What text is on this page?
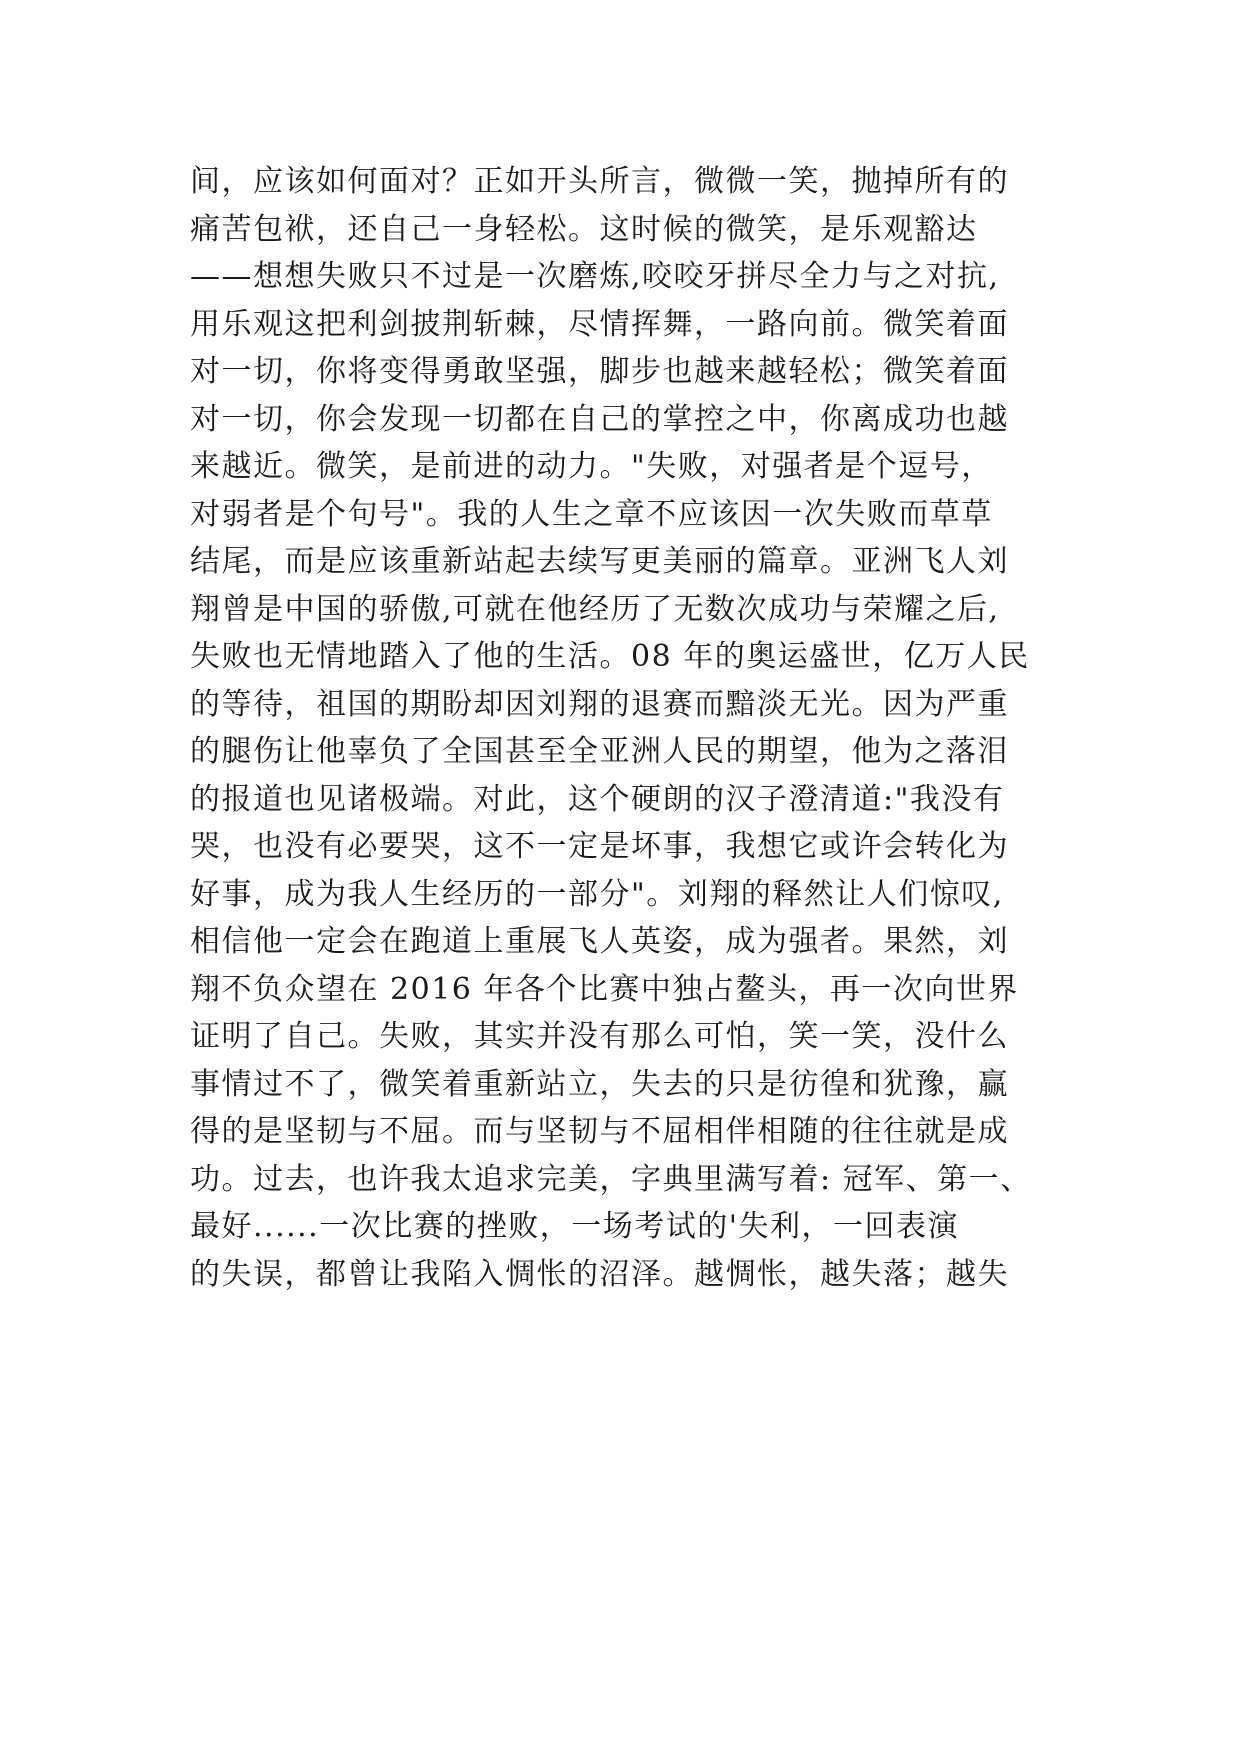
间，应该如何面对？正如开头所言，微微一笑，抛掉所有的
痛苦包袱，还自己一身轻松。这时候的微笑，是乐观豁达
——想想失败只不过是一次磨炼,咬咬牙拼尽全力与之对抗,
用乐观这把利剑披荆斩棘，尽情挥舞，一路向前。微笑着面
对一切，你将变得勇敢坚强，脚步也越来越轻松；微笑着面
对一切，你会发现一切都在自己的掌控之中，你离成功也越
来越近。微笑，是前进的动力。"失败，对强者是个逗号，
对弱者是个句号"。我的人生之章不应该因一次失败而草草
结尾，而是应该重新站起去续写更美丽的篇章。亚洲飞人刘
翔曾是中国的骄傲,可就在他经历了无数次成功与荣耀之后,
失败也无情地踏入了他的生活。08 年的奥运盛世，亿万人民
的等待，祖国的期盼却因刘翔的退赛而黯淡无光。因为严重
的腿伤让他辜负了全国甚至全亚洲人民的期望，他为之落泪
的报道也见诸极端。对此，这个硬朗的汉子澄清道:"我没有
哭，也没有必要哭，这不一定是坏事，我想它或许会转化为
好事，成为我人生经历的一部分"。刘翔的释然让人们惊叹,
相信他一定会在跑道上重展飞人英姿，成为强者。果然，刘
翔不负众望在 2016 年各个比赛中独占鳌头，再一次向世界
证明了自己。失败，其实并没有那么可怕，笑一笑，没什么
事情过不了，微笑着重新站立，失去的只是彷徨和犹豫，赢
得的是坚韧与不屈。而与坚韧与不屈相伴相随的往往就是成
功。过去，也许我太追求完美，字典里满写着: 冠军、第一、
最好......一次比赛的挫败，一场考试的'失利，一回表演
的失误，都曾让我陷入惆怅的沼泽。越惆怅，越失落；越失
